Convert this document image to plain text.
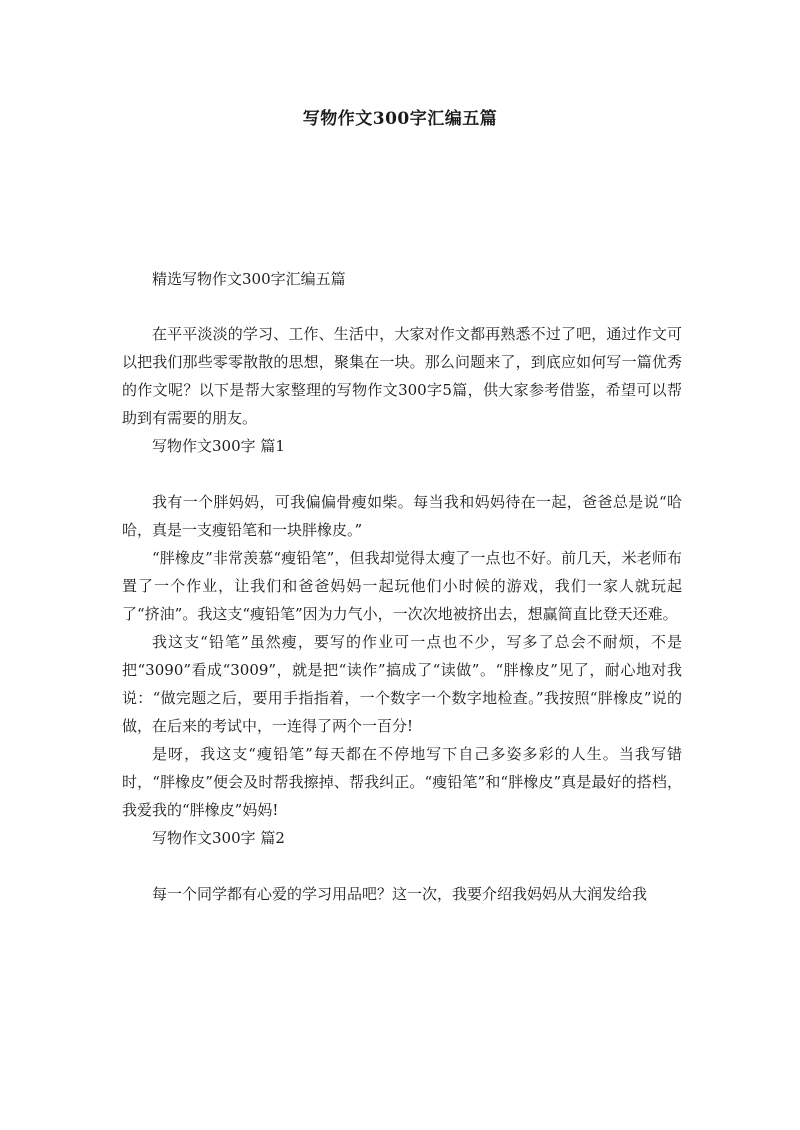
写物作文300字汇编五篇
精选写物作文300字汇编五篇

在平平淡淡的学习、工作、生活中，大家对作文都再熟悉不过了吧，通过作文可以把我们那些零零散散的思想，聚集在一块。那么问题来了，到底应如何写一篇优秀的作文呢？以下是帮大家整理的写物作文300字5篇，供大家参考借鉴，希望可以帮助到有需要的朋友。

写物作文300字 篇1

我有一个胖妈妈，可我偏偏骨瘦如柴。每当我和妈妈待在一起，爸爸总是说“哈哈，真是一支瘦铅笔和一块胖橡皮。”

“胖橡皮”非常羡慕“瘦铅笔”，但我却觉得太瘦了一点也不好。前几天，米老师布置了一个作业，让我们和爸爸妈妈一起玩他们小时候的游戏，我们一家人就玩起了“挤油”。我这支“瘦铅笔”因为力气小，一次次地被挤出去，想赢简直比登天还难。

我这支“铅笔”虽然瘦，要写的作业可一点也不少，写多了总会不耐烦，不是把“3090”看成“3009”，就是把“读作”搞成了“读做”。“胖橡皮”见了，耐心地对我说：“做完题之后，要用手指指着，一个数字一个数字地检查。”我按照“胖橡皮”说的做，在后来的考试中，一连得了两个一百分!

是呀，我这支“瘦铅笔”每天都在不停地写下自己多姿多彩的人生。当我写错时，“胖橡皮”便会及时帮我擦掉、帮我纠正。“瘦铅笔”和“胖橡皮”真是最好的搭档，我爱我的“胖橡皮”妈妈!

写物作文300字 篇2

每一个同学都有心爱的学习用品吧？这一次，我要介绍我妈妈从大润发给我
